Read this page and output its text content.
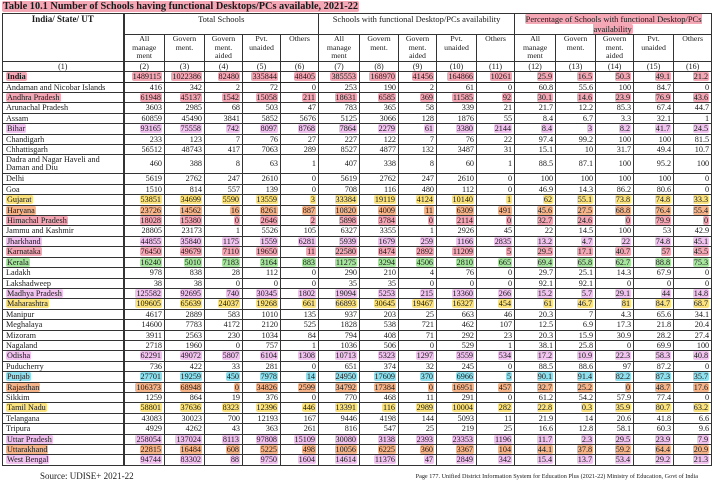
Table 10.1 Number of Schools having functional Desktops/PCs available, 2021-22
India/ State/ UT	Total Schools					Schools with functional Desktop/PCs availability					Percentage of Schools with functional Desktop/PCs availability				
	All manage ment	Govern ment.	Govern ment. aided	Pvt. unaided	Others	All manage ment	Govern ment.	Govern ment. aided	Pvt. unaided	Others	All manage ment	Govern ment.	Govern ment. aided	Pvt. unaided	Others
(1)	(2)	(3)	(4)	(5)	(6)	(7)	(8)	(9)	(10)	(11)	(12)	(13)	(14)	(15)	(16)
India	1489115	1022386	82480	335844	48405	385553	168970	41456	164866	10261	25.9	16.5	50.3	49.1	21.2
Andaman and Nicobar Islands	416	342	2	72	0	253	190	2	61	0	60.8	55.6	100	84.7	0
Andhra Pradesh	61948	45137	1542	15058	211	18631	6585	369	11585	92	30.1	14.6	23.9	76.9	43.6
Arunachal Pradesh	3603	2985	68	503	47	783	365	58	339	21	21.7	12.2	85.3	67.4	44.7
Assam	60859	45490	3841	5852	5676	5125	3066	128	1876	55	8.4	6.7	3.3	32.1	1
Bihar	93165	75558	742	8097	8768	7864	2279	61	3380	2144	8.4	3	8.2	41.7	24.5
Chandigarh	233	123	7	76	27	227	122	7	76	22	97.4	99.2	100	100	81.5
Chhattisgarh	56512	48743	417	7063	289	8527	4877	132	3487	31	15.1	10	31.7	49.4	10.7
Dadra and Nagar Haveli and Daman and Diu	460	388	8	63	1	407	338	8	60	1	88.5	87.1	100	95.2	100
Delhi	5619	2762	247	2610	0	5619	2762	247	2610	0	100	100	100	100	0
Goa	1510	814	557	139	0	708	116	480	112	0	46.9	14.3	86.2	80.6	0
Gujarat	53851	34699	5590	13559	3	33384	19119	4124	10140	1	62	55.1	73.8	74.8	33.3
Haryana	23726	14562	16	8261	887	10820	4009	11	6309	491	45.6	27.5	68.8	76.4	55.4
Himachal Pradesh	18028	15380	0	2646	2	5898	3784	0	2114	0	32.7	24.6	0	79.9	0
Jammu and Kashmir	28805	23173	1	5526	105	6327	3355	1	2926	45	22	14.5	100	53	42.9
Jharkhand	44855	35840	1175	1559	6281	5939	1679	259	1166	2835	13.2	4.7	22	74.8	45.1
Karnataka	76450	49679	7110	19650	11	22580	8474	2892	11209	5	29.5	17.1	40.7	57	45.5
Kerala	16240	5010	7183	3164	883	11275	3294	4506	2810	665	69.4	65.8	62.7	88.8	75.3
Ladakh	978	838	28	112	0	290	210	4	76	0	29.7	25.1	14.3	67.9	0
Lakshadweep	38	38	0	0	0	35	35	0	0	0	92.1	92.1	0	0	0
Madhya Pradesh	125582	92695	740	30345	1802	19094	5253	215	13360	266	15.2	5.7	29.1	44	14.8
Maharashtra	109605	65639	24037	19268	661	66893	30645	19467	16327	454	61	46.7	81	84.7	68.7
Manipur	4617	2889	583	1010	135	937	203	25	663	46	20.3	7	4.3	65.6	34.1
Meghalaya	14600	7783	4172	2120	525	1828	538	721	462	107	12.5	6.9	17.3	21.8	20.4
Mizoram	3911	2563	230	1034	84	794	408	71	292	23	20.3	15.9	30.9	28.2	27.4
Nagaland	2718	1960	0	757	1	1036	506	0	529	1	38.1	25.8	0	69.9	100
Odisha	62291	49072	5807	6104	1308	10713	5323	1297	3559	534	17.2	10.9	22.3	58.3	40.8
Puducherry	736	422	33	281	0	651	374	32	245	0	88.5	88.6	97	87.2	0
Punjab	27701	19259	450	7978	14	24950	17609	370	6966	5	90.1	91.4	82.2	87.3	35.7
Rajasthan	106373	68948	0	34826	2599	34792	17384	0	16951	457	32.7	25.2	0	48.7	17.6
Sikkim	1259	864	19	376	0	770	468	11	291	0	61.2	54.2	57.9	77.4	0
Tamil Nadu	58801	37636	8323	12396	446	13391	116	2989	10004	282	22.8	0.3	35.9	80.7	63.2
Telangana	43083	30023	700	12193	167	9446	4198	144	5093	11	21.9	14	20.6	41.8	6.6
Tripura	4929	4262	43	363	261	816	547	25	219	25	16.6	12.8	58.1	60.3	9.6
Uttar Pradesh	258054	137024	8113	97808	15109	30080	3138	2393	23353	1196	11.7	2.3	29.5	23.9	7.9
Uttarakhand	22815	16484	608	5225	498	10056	6225	360	3367	104	44.1	37.8	59.2	64.4	20.9
West Bengal	94744	83302	88	9750	1604	14614	11376	47	2849	342	15.4	13.7	53.4	29.2	21.3
Source: UDISE+ 2021-22	Page 177. Unified District Information System for Education Plus (2021-22) Ministry of Education, Govt of India
